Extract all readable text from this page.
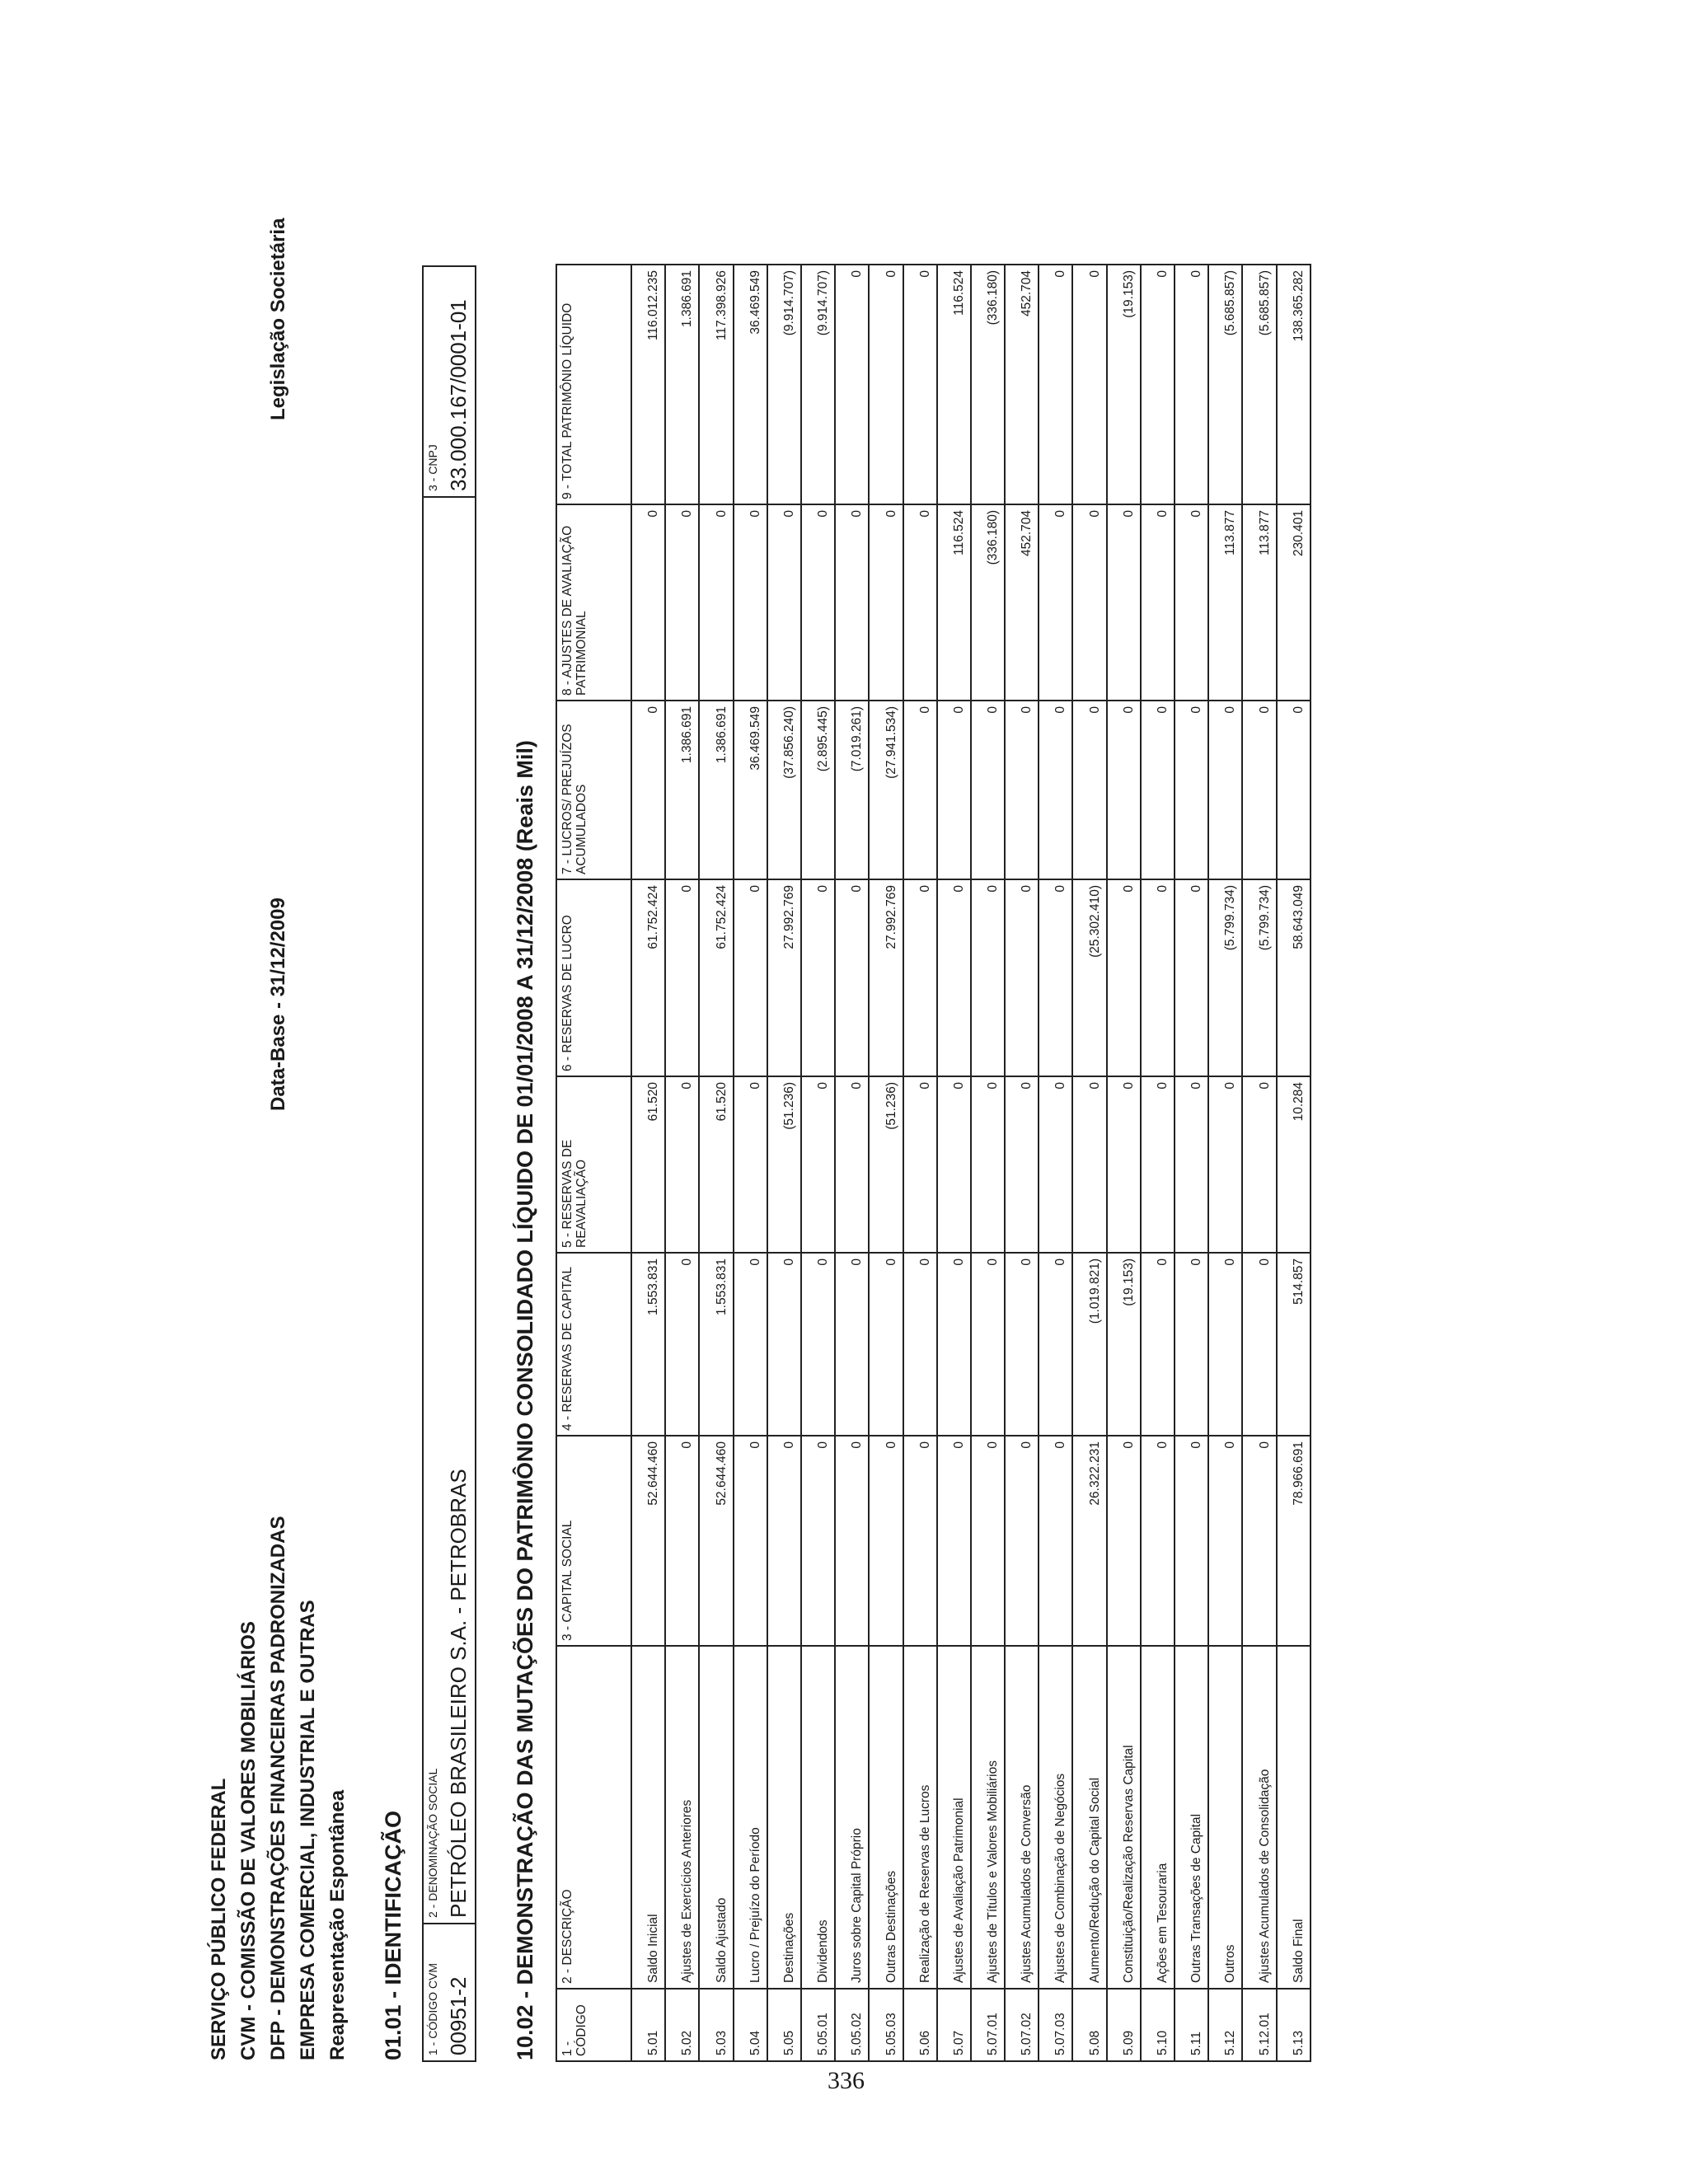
SERVIÇO PÚBLICO FEDERAL CVM - COMISSÃO DE VALORES MOBILIÁRIOS DFP - DEMONSTRAÇÕES FINANCEIRAS PADRONIZADAS EMPRESA COMERCIAL, INDUSTRIAL E OUTRAS Reapresentação Espontânea
Data-Base - 31/12/2009
Legislação Societária
01.01 - IDENTIFICAÇÃO 1 - CÓDIGO CVM 00951-2

2 - DENOMINAÇÃO SOCIAL PETRÓLEO BRASILEIRO S.A. - PETROBRAS

3 - CNPJ 33.000.167/0001-01
10.02 - DEMONSTRAÇÃO DAS MUTAÇÕES DO PATRIMÔNIO CONSOLIDADO LÍQUIDO DE 01/01/2008 A 31/12/2008 (Reais Mil) 1 - CÓDIGO	2 - DESCRIÇÃO	3 - CAPITAL SOCIAL	4 - RESERVAS DE CAPITAL	5 - RESERVAS DE REAVALIAÇÃO	6 - RESERVAS DE LUCRO	7 - LUCROS/ PREJUÍZOS ACUMULADOS	8 - AJUSTES DE AVALIAÇÃO PATRIMONIAL	9 - TOTAL PATRIMÔNIO LÍQUIDO
5.01	Saldo Inicial	52.644.460	1.553.831	61.520	61.752.424	0	0	116.012.235
5.02	Ajustes de Exercícios Anteriores	0	0	0	0	1.386.691	0	1.386.691
5.03	Saldo Ajustado	52.644.460	1.553.831	61.520	61.752.424	1.386.691	0	117.398.926
5.04	Lucro / Prejuízo do Período	0	0	0	0	36.469.549	0	36.469.549
5.05	Destinações	0	0	(51.236)	27.992.769	(37.856.240)	0	(9.914.707)
5.05.01	Dividendos	0	0	0	0	(2.895.445)	0	(9.914.707)
5.05.02	Juros sobre Capital Próprio	0	0	0	0	(7.019.261)	0	0
5.05.03	Outras Destinações	0	0	(51.236)	27.992.769	(27.941.534)	0	0
5.06	Realização de Reservas de Lucros	0	0	0	0	0	0	0
5.07	Ajustes de Avaliação Patrimonial	0	0	0	0	0	116.524	116.524
5.07.01	Ajustes de Títulos e Valores Mobiliários	0	0	0	0	0	(336.180)	(336.180)
5.07.02	Ajustes Acumulados de Conversão	0	0	0	0	0	452.704	452.704
5.07.03	Ajustes de Combinação de Negócios	0	0	0	0	0	0	0
5.08	Aumento/Redução do Capital Social	26.322.231	(1.019.821)	0	(25.302.410)	0	0	0
5.09	Constituição/Realização Reservas Capital	0	(19.153)	0	0	0	0	(19.153)
5.10	Ações em Tesouraria	0	0	0	0	0	0	0
5.11	Outras Transações de Capital	0	0	0	0	0	0	0
5.12	Outros	0	0	0	(5.799.734)	0	113.877	(5.685.857)
5.12.01	Ajustes Acumulados de Consolidação	0	0	0	(5.799.734)	0	113.877	(5.685.857)
5.13	Saldo Final	78.966.691	514.857	10.284	58.643.049	0	230.401	138.365.282
336
